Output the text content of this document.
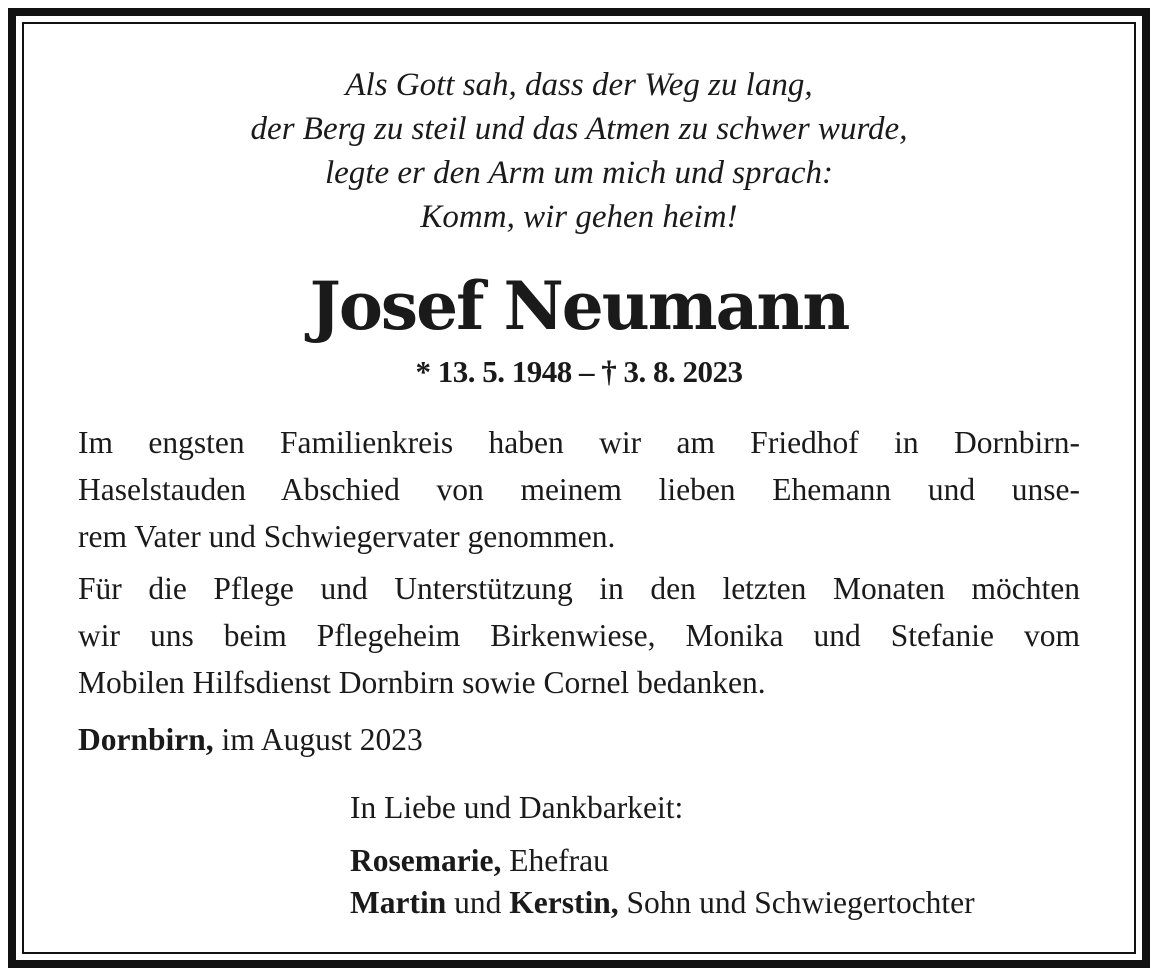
Als Gott sah, dass der Weg zu lang,
der Berg zu steil und das Atmen zu schwer wurde,
legte er den Arm um mich und sprach:
Komm, wir gehen heim!
Josef Neumann
* 13. 5. 1948 – † 3. 8. 2023
Im engsten Familienkreis haben wir am Friedhof in Dornbirn-
Haselstauden Abschied von meinem lieben Ehemann und unse-
rem Vater und Schwiegervater genommen.
Für die Pflege und Unterstützung in den letzten Monaten möchten
wir uns beim Pflegeheim Birkenwiese, Monika und Stefanie vom
Mobilen Hilfsdienst Dornbirn sowie Cornel bedanken.
Dornbirn, im August 2023
In Liebe und Dankbarkeit:
Rosemarie, Ehefrau
Martin und Kerstin, Sohn und Schwiegertochter
